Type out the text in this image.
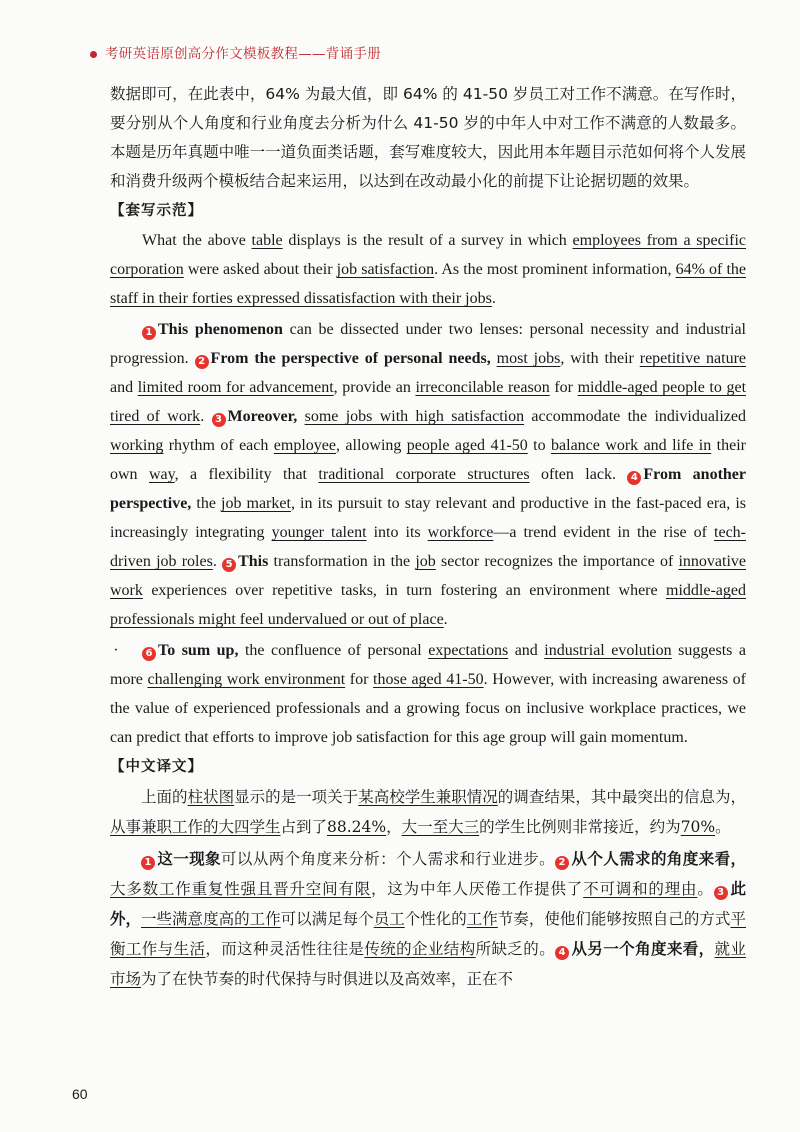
考研英语原创高分作文模板教程——背诵手册

数据即可，在此表中，64% 为最大值，即 64% 的 41-50 岁员工对工作不满意。在写作时，要分别从个人角度和行业角度去分析为什么 41-50 岁的中年人中对工作不满意的人数最多。本题是历年真题中唯一一道负面类话题，套写难度较大，因此用本年题目示范如何将个人发展和消费升级两个模板结合起来运用，以达到在改动最小化的前提下让论据切题的效果。

【套写示范】

What the above table displays is the result of a survey in which employees from a specific corporation were asked about their job satisfaction. As the most prominent information, 64% of the staff in their forties expressed dissatisfaction with their jobs.

1 This phenomenon can be dissected under two lenses: personal necessity and industrial progression. 2 From the perspective of personal needs, most jobs, with their repetitive nature and limited room for advancement, provide an irreconcilable reason for middle-aged people to get tired of work. 3 Moreover, some jobs with high satisfaction accommodate the individualized working rhythm of each employee, allowing people aged 41-50 to balance work and life in their own way, a flexibility that traditional corporate structures often lack. 4 From another perspective, the job market, in its pursuit to stay relevant and productive in the fast-paced era, is increasingly integrating younger talent into its workforce—a trend evident in the rise of tech-driven job roles. 5 This transformation in the job sector recognizes the importance of innovative work experiences over repetitive tasks, in turn fostering an environment where middle-aged professionals might feel undervalued or out of place.

·	6 To sum up, the confluence of personal expectations and industrial evolution suggests a more challenging work environment for those aged 41-50. However, with increasing awareness of the value of experienced professionals and a growing focus on inclusive workplace practices, we can predict that efforts to improve job satisfaction for this age group will gain momentum.

【中文译文】

上面的柱状图显示的是一项关于某高校学生兼职情况的调查结果，其中最突出的信息为，从事兼职工作的大四学生占到了88.24%，大一至大三的学生比例则非常接近，约为70%。

1 这一现象可以从两个角度来分析：个人需求和行业进步。 2 从个人需求的角度来看，大多数工作重复性强且晋升空间有限，这为中年人厌倦工作提供了不可调和的理由。 3 此外，一些满意度高的工作可以满足每个员工个性化的工作节奏，使他们能够按照自己的方式平衡工作与生活，而这种灵活性往往是传统的企业结构所缺乏的。 4 从另一个角度来看，就业市场为了在快节奏的时代保持与时俱进以及高效率，正在不

60
